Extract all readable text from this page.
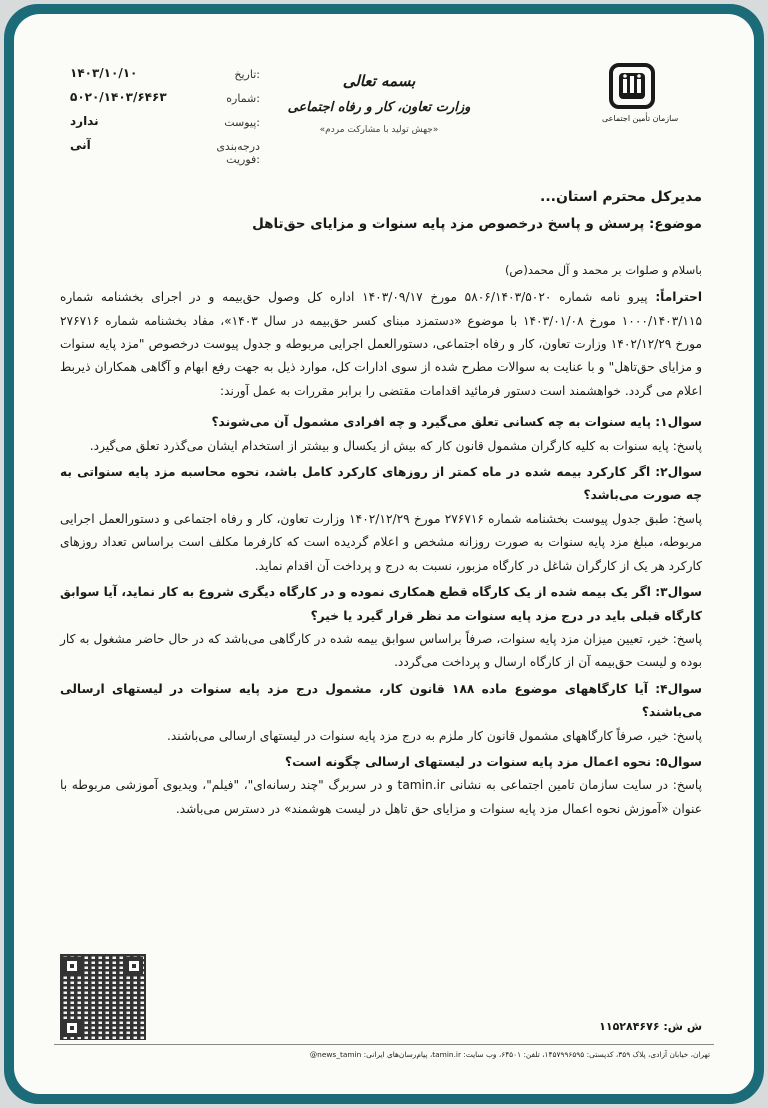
تاریخ:
۱۴۰۳/۱۰/۱۰
شماره:
۵۰۲۰/۱۴۰۳/۶۴۶۳
پیوست:
ندارد
درجه‌بندی فوریت:
آنی
بسمه تعالی
وزارت تعاون، کار و رفاه اجتماعی
«جهش تولید با مشارکت مردم»
سازمان تأمین اجتماعی
مدیرکل محترم استان...
موضوع: پرسش و پاسخ درخصوص مزد پایه سنوات و مزایای حق‌تاهل
باسلام و صلوات بر محمد و آل محمد(ص)

احتراماً: پیرو نامه شماره ۵۸۰۶/۱۴۰۳/۵۰۲۰ مورخ ۱۴۰۳/۰۹/۱۷ اداره کل وصول حق‌بیمه و در اجرای بخشنامه شماره ۱۰۰۰/۱۴۰۳/۱۱۵ مورخ ۱۴۰۳/۰۱/۰۸ با موضوع «دستمزد مبنای کسر حق‌بیمه در سال ۱۴۰۳»، مفاد بخشنامه شماره ۲۷۶۷۱۶ مورخ ۱۴۰۲/۱۲/۲۹ وزارت تعاون، کار و رفاه اجتماعی، دستورالعمل اجرایی مربوطه و جدول پیوست درخصوص "مزد پایه سنوات و مزایای حق‌تاهل" و با عنایت به سوالات مطرح شده از سوی ادارات کل، موارد ذیل به جهت رفع ابهام و آگاهی همکاران ذیربط اعلام می گردد. خواهشمند است دستور فرمائید اقدامات مقتضی را برابر مقررات به عمل آورند:

سوال۱: پایه سنوات به چه کسانی تعلق می‌گیرد و چه افرادی مشمول آن می‌شوند؟

پاسخ: پایه سنوات به کلیه کارگران مشمول قانون کار که بیش از یکسال و بیشتر از استخدام ایشان می‌گذرد تعلق می‌گیرد.

سوال۲: اگر کارکرد بیمه شده در ماه کمتر از روزهای کارکرد کامل باشد، نحوه محاسبه مزد پایه سنواتی به چه صورت می‌باشد؟

پاسخ: طبق جدول پیوست بخشنامه شماره ۲۷۶۷۱۶ مورخ ۱۴۰۲/۱۲/۲۹ وزارت تعاون، کار و رفاه اجتماعی و دستورالعمل اجرایی مربوطه، مبلغ مزد پایه سنوات به صورت روزانه مشخص و اعلام گردیده است که کارفرما مکلف است براساس تعداد روزهای کارکرد هر یک از کارگران شاغل در کارگاه مزبور، نسبت به درج و پرداخت آن اقدام نماید.

سوال۳: اگر یک بیمه شده از یک کارگاه قطع همکاری نموده و در کارگاه دیگری شروع به کار نماید، آیا سوابق کارگاه قبلی باید در درج مزد پایه سنوات مد نظر قرار گیرد یا خیر؟

پاسخ: خیر، تعیین میزان مزد پایه سنوات، صرفاً براساس سوابق بیمه شده در کارگاهی می‌باشد که در حال حاضر مشغول به کار بوده و لیست حق‌بیمه آن از کارگاه ارسال و پرداخت می‌گردد.

سوال۴: آیا کارگاههای موضوع ماده ۱۸۸ قانون کار، مشمول درج مزد پایه سنوات در لیستهای ارسالی می‌باشند؟

پاسخ: خیر، صرفاً کارگاههای مشمول قانون کار ملزم به درج مزد پایه سنوات در لیستهای ارسالی می‌باشند.

سوال۵: نحوه اعمال مزد پایه سنوات در لیستهای ارسالی چگونه است؟

پاسخ: در سایت سازمان تامین اجتماعی به نشانی tamin.ir و در سربرگ "چند رسانه‌ای"، "فیلم"، ویدیوی آموزشی مربوطه با عنوان «آموزش نحوه اعمال مزد پایه سنوات و مزایای حق تاهل در لیست هوشمند» در دسترس می‌باشد.

ش ش: ۱۱۵۲۸۴۶۷۶
تهران، خیابان آزادی، پلاک ۳۵۹، کدپستی: ۱۴۵۷۹۹۶۵۹۵، تلفن: ۶۴۵۰۱، وب سایت: tamin.ir، پیام‌رسان‌های ایرانی: news_tamin@
